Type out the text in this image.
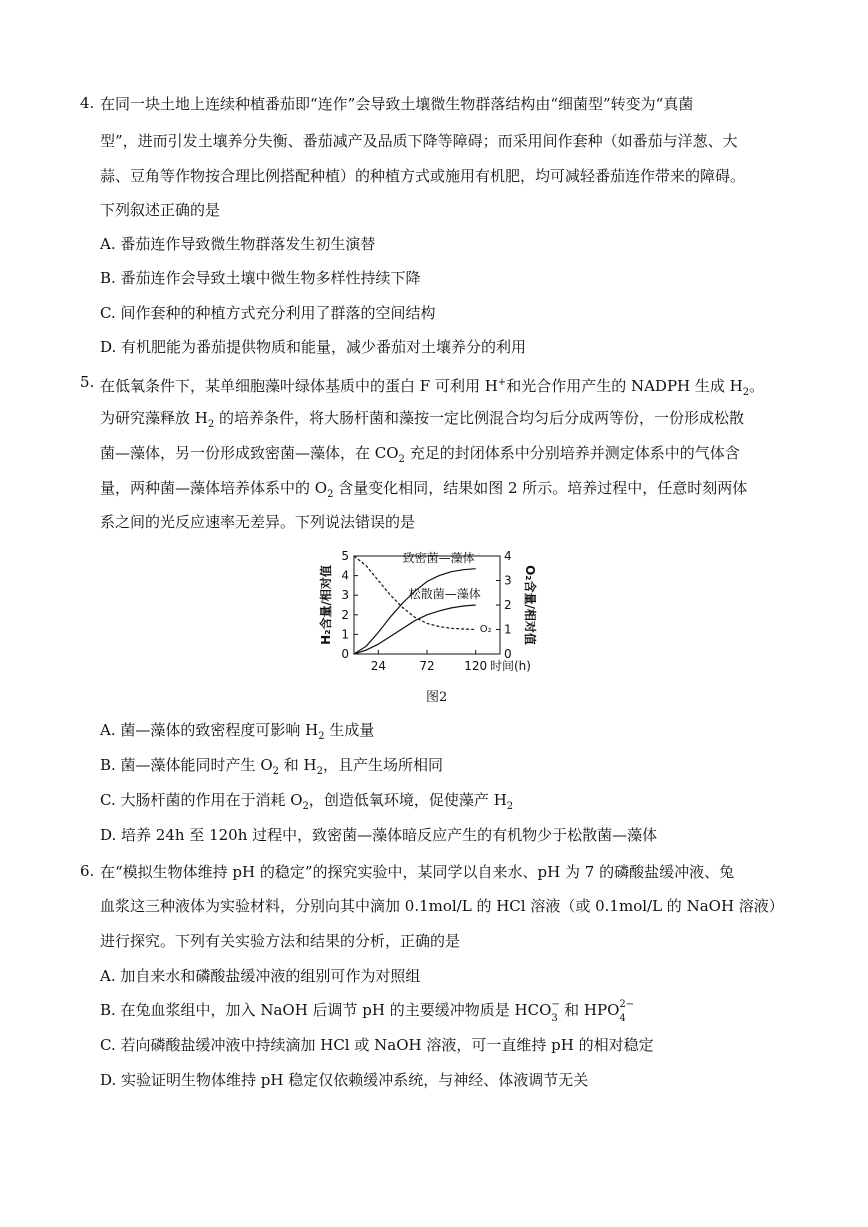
4. 在同一块土地上连续种植番茄即“连作”会导致土壤微生物群落结构由“细菌型”转变为“真菌
型”，进而引发土壤养分失衡、番茄减产及品质下降等障碍；而采用间作套种（如番茄与洋葱、大
蒜、豆角等作物按合理比例搭配种植）的种植方式或施用有机肥，均可减轻番茄连作带来的障碍。
下列叙述正确的是
A. 番茄连作导致微生物群落发生初生演替
B. 番茄连作会导致土壤中微生物多样性持续下降
C. 间作套种的种植方式充分利用了群落的空间结构
D. 有机肥能为番茄提供物质和能量，减少番茄对土壤养分的利用
5. 在低氧条件下，某单细胞藻叶绿体基质中的蛋白 F 可利用 H+和光合作用产生的 NADPH 生成 $H_2$。
为研究藻释放 $H_2$ 的培养条件，将大肠杆菌和藻按一定比例混合均匀后分成两等份，一份形成松散
菌—藻体，另一份形成致密菌—藻体，在 $CO_2$ 充足的封闭体系中分别培养并测定体系中的气体含
量，两种菌—藻体培养体系中的 $O_2$ 含量变化相同，结果如图 2 所示。培养过程中，任意时刻两体
系之间的光反应速率无差异。下列说法错误的是
0
1
2
3
4
5
0
1
2
3
4
24	72 120 时间(h)
H₂含量/相对值	O₂含量/相对值
致密菌—藻体
松散菌—藻体
O₂
图2
A. 菌—藻体的致密程度可影响 $H_2$ 生成量
B. 菌—藻体能同时产生 $O_2$ 和 $H_2$，且产生场所相同
C. 大肠杆菌的作用在于消耗 $O_2$，创造低氧环境，促使藻产 $H_2$
D. 培养 24h 至 120h 过程中，致密菌—藻体暗反应产生的有机物少于松散菌—藻体
6. 在“模拟生物体维持 pH 的稳定”的探究实验中，某同学以自来水、pH 为 7 的磷酸盐缓冲液、兔
血浆这三种液体为实验材料，分别向其中滴加 0.1mol/L 的 HCl 溶液（或 0.1mol/L 的 NaOH 溶液）
进行探究。下列有关实验方法和结果的分析，正确的是
A. 加自来水和磷酸盐缓冲液的组别可作为对照组
B. 在兔血浆组中，加入 NaOH 后调节 pH 的主要缓冲物质是 HCO −
3 和 HPO 2−
4
C. 若向磷酸盐缓冲液中持续滴加 HCl 或 NaOH 溶液，可一直维持 pH 的相对稳定
D. 实验证明生物体维持 pH 稳定仅依赖缓冲系统，与神经、体液调节无关
